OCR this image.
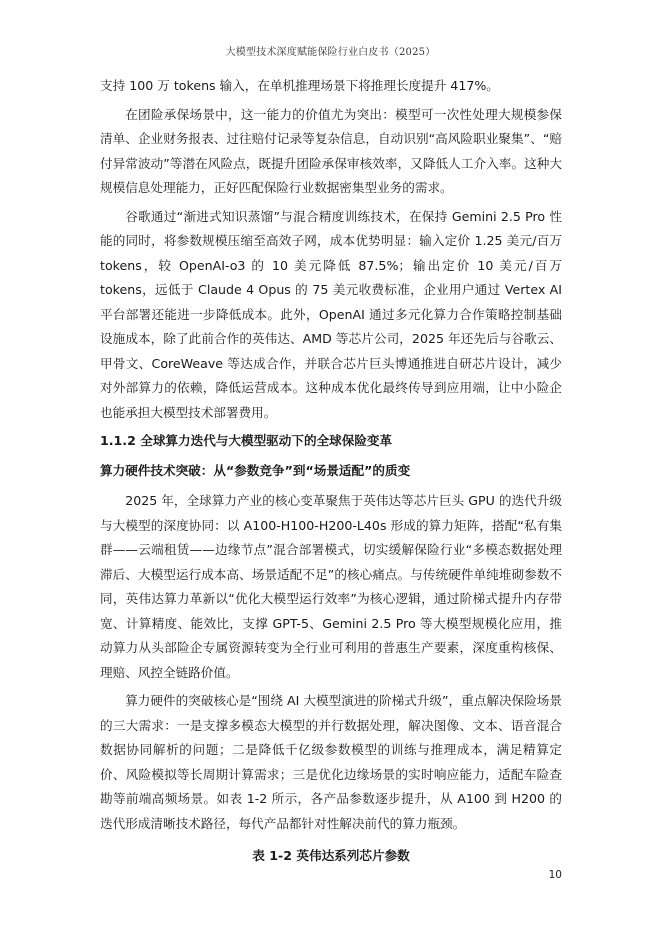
大模型技术深度赋能保险行业白皮书（2025）

支持 100 万 tokens 输入，在单机推理场景下将推理长度提升 417%。

在团险承保场景中，这一能力的价值尤为突出：模型可一次性处理大规模参保清单、企业财务报表、过往赔付记录等复杂信息，自动识别“高风险职业聚集”、“赔付异常波动”等潜在风险点，既提升团险承保审核效率，又降低人工介入率。这种大规模信息处理能力，正好匹配保险行业数据密集型业务的需求。

谷歌通过“渐进式知识蒸馏”与混合精度训练技术，在保持 Gemini 2.5 Pro 性能的同时，将参数规模压缩至高效子网，成本优势明显：输入定价 1.25 美元/百万 tokens，较 OpenAI-o3 的 10 美元降低 87.5%；输出定价 10 美元/百万 tokens，远低于 Claude 4 Opus 的 75 美元收费标准，企业用户通过 Vertex AI 平台部署还能进一步降低成本。此外，OpenAI 通过多元化算力合作策略控制基础设施成本，除了此前合作的英伟达、AMD 等芯片公司，2025 年还先后与谷歌云、甲骨文、CoreWeave 等达成合作，并联合芯片巨头博通推进自研芯片设计，减少对外部算力的依赖，降低运营成本。这种成本优化最终传导到应用端，让中小险企也能承担大模型技术部署费用。

1.1.2 全球算力迭代与大模型驱动下的全球保险变革
算力硬件技术突破：从“参数竞争”到“场景适配”的质变

2025 年，全球算力产业的核心变革聚焦于英伟达等芯片巨头 GPU 的迭代升级与大模型的深度协同：以 A100-H100-H200-L40s 形成的算力矩阵，搭配“私有集群——云端租赁——边缘节点”混合部署模式，切实缓解保险行业“多模态数据处理滞后、大模型运行成本高、场景适配不足”的核心痛点。与传统硬件单纯堆砌参数不同，英伟达算力革新以“优化大模型运行效率”为核心逻辑，通过阶梯式提升内存带宽、计算精度、能效比，支撑 GPT-5、Gemini 2.5 Pro 等大模型规模化应用，推动算力从头部险企专属资源转变为全行业可利用的普惠生产要素，深度重构核保、理赔、风控全链路价值。

算力硬件的突破核心是“围绕 AI 大模型演进的阶梯式升级”，重点解决保险场景的三大需求：一是支撑多模态大模型的并行数据处理，解决图像、文本、语音混合数据协同解析的问题；二是降低千亿级参数模型的训练与推理成本，满足精算定价、风险模拟等长周期计算需求；三是优化边缘场景的实时响应能力，适配车险查勘等前端高频场景。如表 1-2 所示，各产品参数逐步提升，从 A100 到 H200 的迭代形成清晰技术路径，每代产品都针对性解决前代的算力瓶颈。

表 1-2 英伟达系列芯片参数
10
